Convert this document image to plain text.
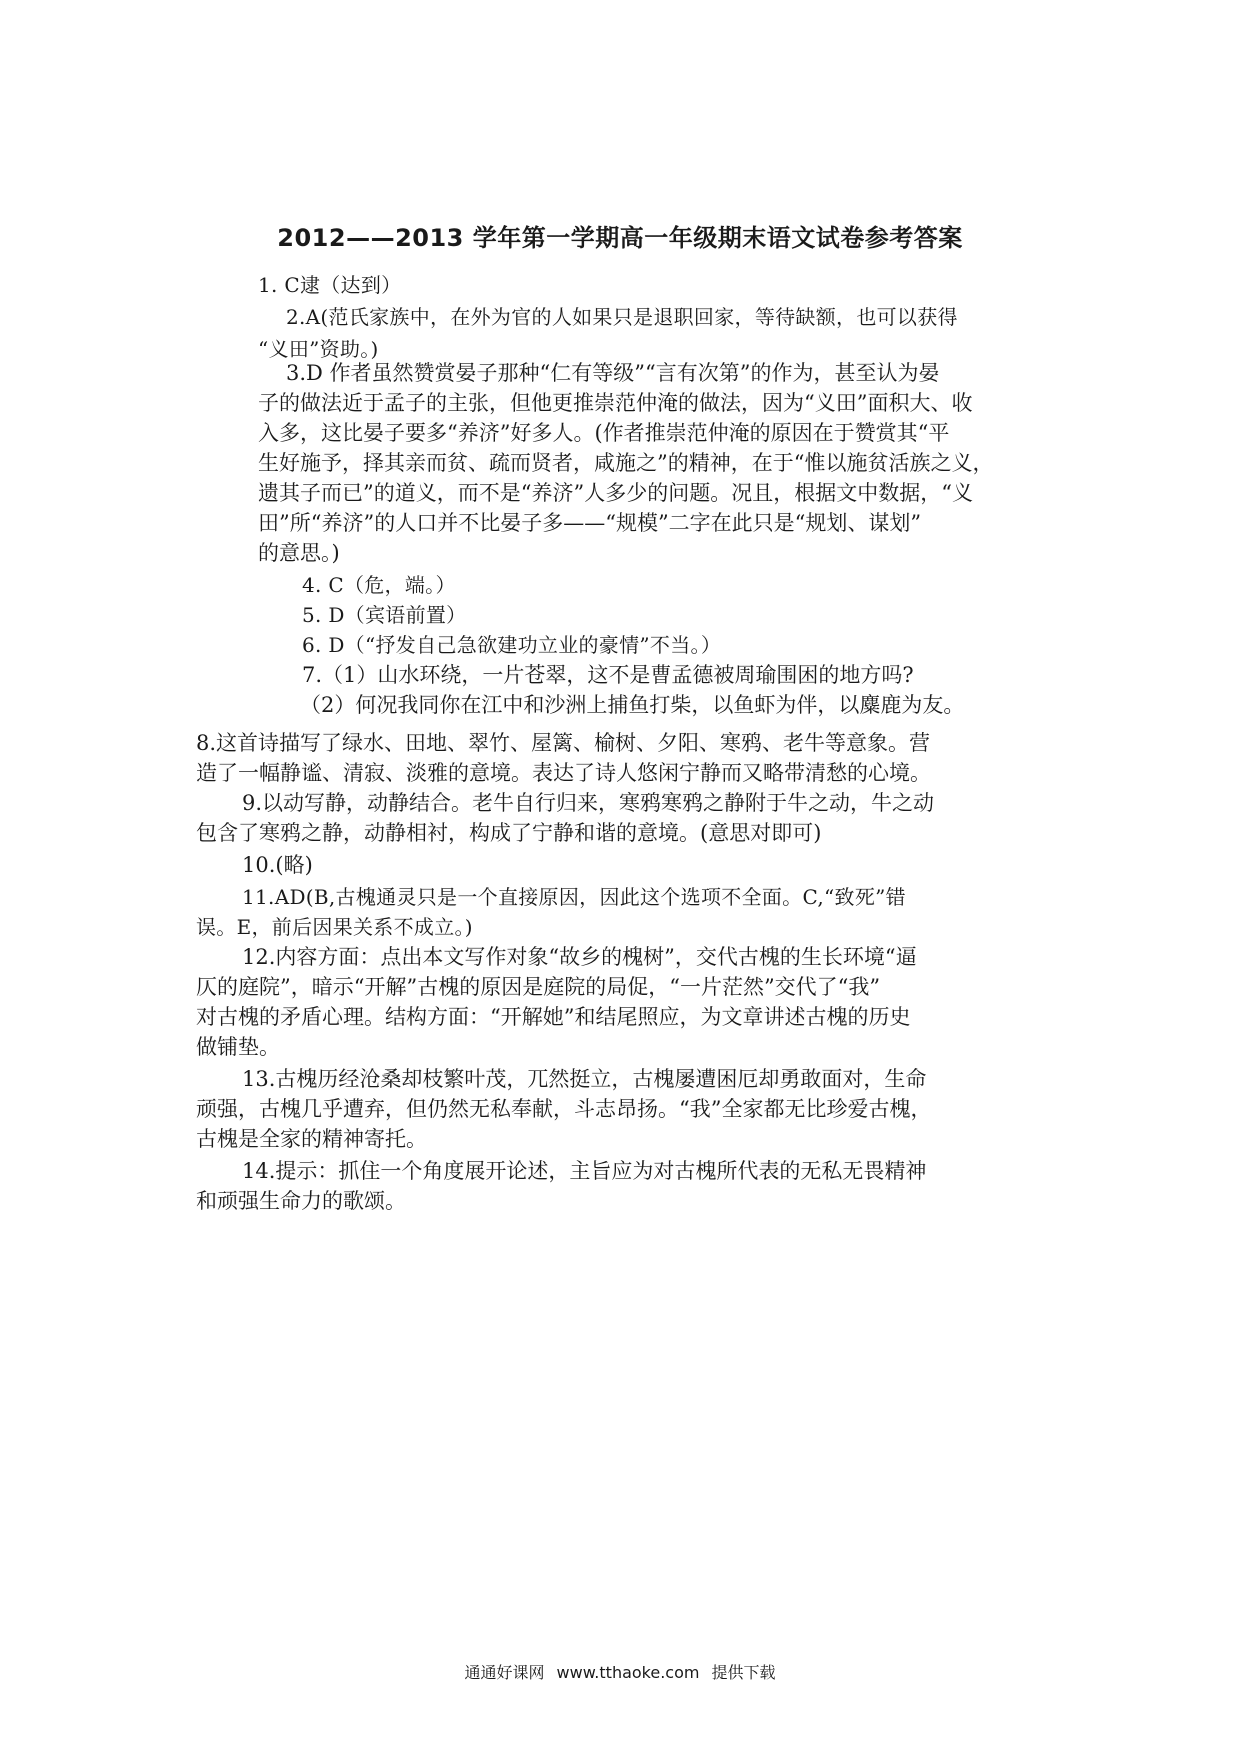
2012——2013 学年第一学期高一年级期末语文试卷参考答案
1. C逮（达到）
2.A(范氏家族中，在外为官的人如果只是退职回家，等待缺额，也可以获得
“义田”资助。)
3.D 作者虽然赞赏晏子那种“仁有等级”“言有次第”的作为，甚至认为晏
子的做法近于孟子的主张，但他更推崇范仲淹的做法，因为“义田”面积大、收
入多，这比晏子要多“养济”好多人。(作者推崇范仲淹的原因在于赞赏其“平
生好施予，择其亲而贫、疏而贤者，咸施之”的精神，在于“惟以施贫活族之义，
遗其子而已”的道义，而不是“养济”人多少的问题。况且，根据文中数据，“义
田”所“养济”的人口并不比晏子多——“规模”二字在此只是“规划、谋划”
的意思。)
4. C（危，端。）
5. D（宾语前置）
6. D（“抒发自己急欲建功立业的豪情”不当。）
7.（1）山水环绕，一片苍翠，这不是曹孟德被周瑜围困的地方吗?
（2）何况我同你在江中和沙洲上捕鱼打柴，以鱼虾为伴，以麋鹿为友。
8.这首诗描写了绿水、田地、翠竹、屋篱、榆树、夕阳、寒鸦、老牛等意象。营
造了一幅静谧、清寂、淡雅的意境。表达了诗人悠闲宁静而又略带清愁的心境。
9.以动写静，动静结合。老牛自行归来，寒鸦寒鸦之静附于牛之动，牛之动
包含了寒鸦之静，动静相衬，构成了宁静和谐的意境。(意思对即可)
10.(略)
11.AD(B,古槐通灵只是一个直接原因，因此这个选项不全面。C,“致死”错
误。E，前后因果关系不成立。)
12.内容方面：点出本文写作对象“故乡的槐树”，交代古槐的生长环境“逼
仄的庭院”，暗示“开解”古槐的原因是庭院的局促，“一片茫然”交代了“我”
对古槐的矛盾心理。结构方面：“开解她”和结尾照应，为文章讲述古槐的历史
做铺垫。
13.古槐历经沧桑却枝繁叶茂，兀然挺立，古槐屡遭困厄却勇敢面对，生命
顽强，古槐几乎遭弃，但仍然无私奉献，斗志昂扬。“我”全家都无比珍爱古槐，
古槐是全家的精神寄托。
14.提示：抓住一个角度展开论述，主旨应为对古槐所代表的无私无畏精神
和顽强生命力的歌颂。
通通好课网 www.tthaoke.com 提供下载
